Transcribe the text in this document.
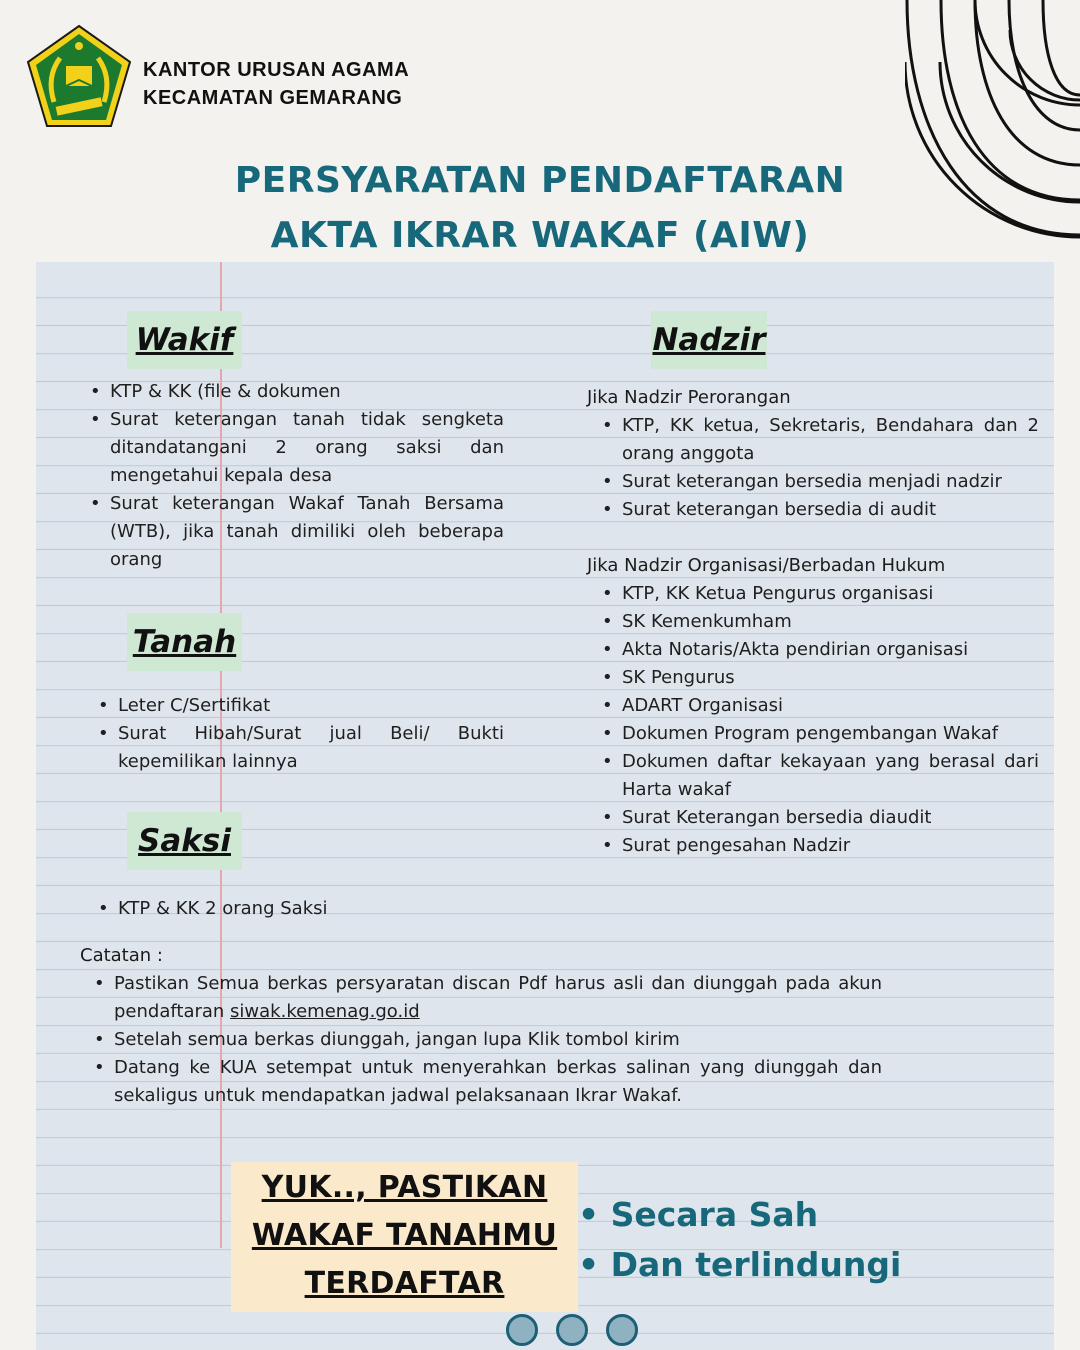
KANTOR URUSAN AGAMA
KECAMATAN GEMARANG
PERSYARATAN PENDAFTARAN
AKTA IKRAR WAKAF (AIW)
Wakif
• KTP & KK (file & dokumen
• Surat keterangan tanah tidak sengketa ditandatangani 2 orang saksi dan mengetahui kepala desa
• Surat keterangan Wakaf Tanah Bersama (WTB), jika tanah dimiliki oleh beberapa orang
Tanah
• Leter C/Sertifikat
• Surat Hibah/Surat jual Beli/ Bukti kepemilikan lainnya
Saksi
• KTP & KK 2 orang Saksi
Nadzir
Jika Nadzir Perorangan
• KTP, KK ketua, Sekretaris, Bendahara dan 2 orang anggota
• Surat keterangan bersedia menjadi nadzir
• Surat keterangan bersedia di audit
Jika Nadzir Organisasi/Berbadan Hukum
• KTP, KK Ketua Pengurus organisasi
• SK Kemenkumham
• Akta Notaris/Akta pendirian organisasi
• SK Pengurus
• ADART Organisasi
• Dokumen Program pengembangan Wakaf
• Dokumen daftar kekayaan yang berasal dari Harta wakaf
• Surat Keterangan bersedia diaudit
• Surat pengesahan Nadzir
Catatan :
• Pastikan Semua berkas persyaratan discan Pdf harus asli dan diunggah pada akun pendaftaran siwak.kemenag.go.id
• Setelah semua berkas diunggah, jangan lupa Klik tombol kirim
• Datang ke KUA setempat untuk menyerahkan berkas salinan yang diunggah dan sekaligus untuk mendapatkan jadwal pelaksanaan Ikrar Wakaf.
YUK.., PASTIKAN
WAKAF TANAHMU
TERDAFTAR
• Secara Sah
• Dan terlindungi
